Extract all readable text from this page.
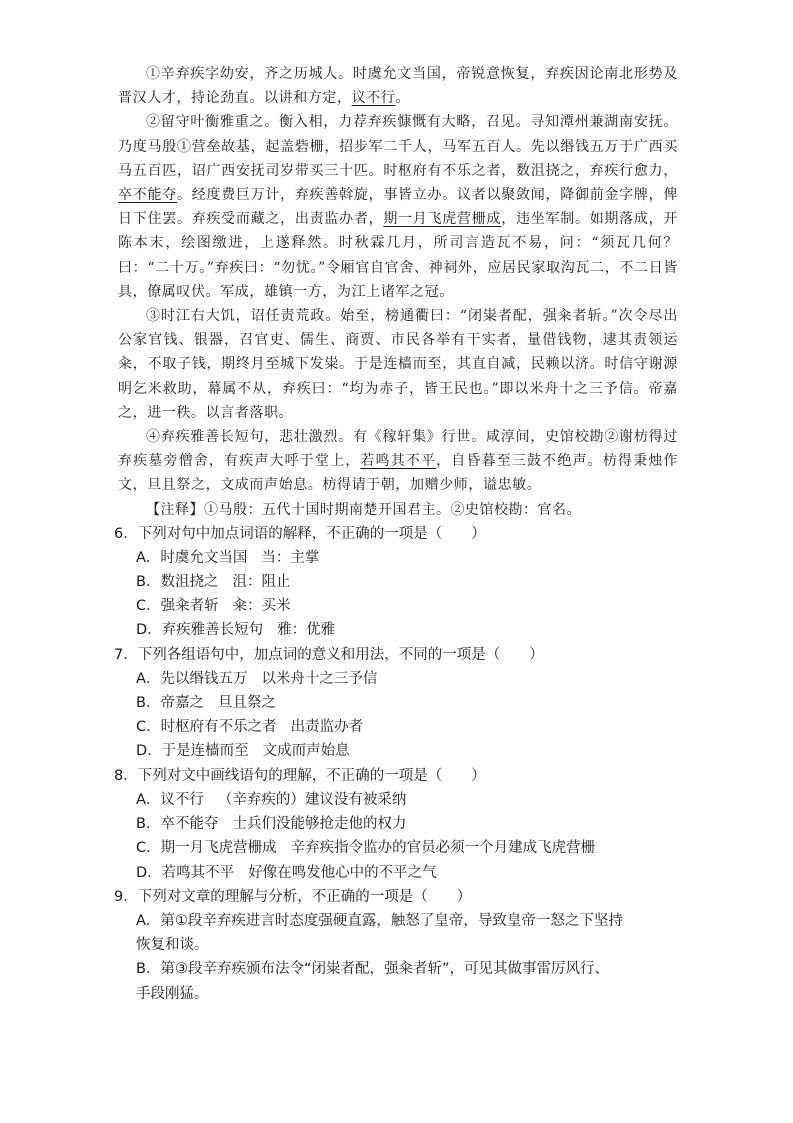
①辛弃疾字幼安，齐之历城人。时虞允文当国，帝锐意恢复，弃疾因论南北形势及晋汉人才，持论劲直。以讲和方定，议不行。

②留守叶衡雅重之。衡入相，力荐弃疾慷慨有大略，召见。寻知潭州兼湖南安抚。乃度马殷①营垒故基，起盖砦栅，招步军二千人，马军五百人。先以缗钱五万于广西买马五百匹，诏广西安抚司岁带买三十匹。时枢府有不乐之者，数沮挠之，弃疾行愈力，卒不能夺。经度费巨万计，弃疾善斡旋，事皆立办。议者以聚敛闻，降御前金字牌，俾日下住罢。弃疾受而藏之，出责监办者，期一月飞虎营栅成，违坐军制。如期落成，开陈本末，绘图缴进，上遂释然。时秋霖几月，所司言造瓦不易，问：“须瓦几何？曰：“二十万。”弃疾曰：“勿忧。”令厢官自官舍、神祠外，应居民家取沟瓦二，不二日皆具，僚属叹伏。军成，雄镇一方，为江上诸军之冠。

③时江右大饥，诏任责荒政。始至，榜通衢曰：“闭粜者配，强籴者斩。”次令尽出公家官钱、银器，召官吏、儒生、商贾、市民各举有干实者，量借钱物，逮其责领运籴，不取子钱，期终月至城下发粜。于是连樯而至，其直自减，民赖以济。时信守谢源明乞米救助，幕属不从，弃疾曰：“均为赤子，皆王民也。”即以米舟十之三予信。帝嘉之，进一秩。以言者落职。

④弃疾雅善长短句，悲壮激烈。有《稼轩集》行世。咸淳间，史馆校勘②谢枋得过弃疾墓旁僧舍，有疾声大呼于堂上，若鸣其不平，自昏暮至三鼓不绝声。枋得秉烛作文，旦且祭之，文成而声始息。枋得请于朝，加赠少师，谥忠敏。

【注释】①马殷：五代十国时期南楚开国君主。②史馆校勘：官名。

6．下列对句中加点词语的解释，不正确的一项是（　　）

A．时虞允文当国 当：主掌

B．数沮挠之 沮：阻止

C．强籴者斩 籴：买米

D．弃疾雅善长短句 雅：优雅

7．下列各组语句中，加点词的意义和用法，不同的一项是（　　）

A．先以缗钱五万 以米舟十之三予信

B．帝嘉之 旦且祭之

C．时枢府有不乐之者 出责监办者

D．于是连樯而至 文成而声始息

8．下列对文中画线语句的理解，不正确的一项是（　　）

A．议不行 （辛弃疾的）建议没有被采纳

B．卒不能夺 士兵们没能够抢走他的权力

C．期一月飞虎营栅成 辛弃疾指令监办的官员必须一个月建成飞虎营栅

D．若鸣其不平 好像在鸣发他心中的不平之气

9．下列对文章的理解与分析，不正确的一项是（　　）

A．第①段辛弃疾进言时态度强硬直露，触怒了皇帝，导致皇帝一怒之下坚持
恢复和谈。
B．第③段辛弃疾颁布法令“闭粜者配，强籴者斩”，可见其做事雷厉风行、
手段刚猛。
